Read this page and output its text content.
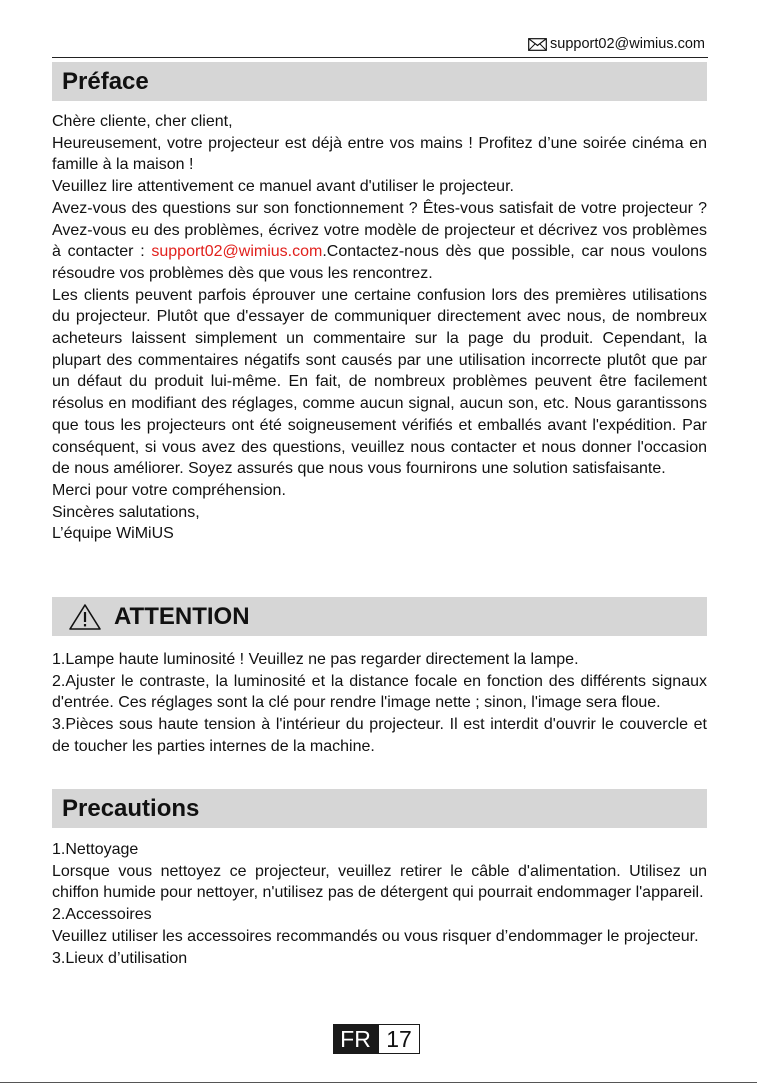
support02@wimius.com
Préface

Chère cliente, cher client,

Heureusement, votre projecteur est déjà entre vos mains ! Profitez d’une soirée cinéma en famille à la maison !

Veuillez lire attentivement ce manuel avant d'utiliser le projecteur.

Avez-vous des questions sur son fonctionnement ? Êtes-vous satisfait de votre projecteur ? Avez-vous eu des problèmes, écrivez votre modèle de projecteur et décrivez vos problèmes à contacter : support02@wimius.com.Contactez-nous dès que possible, car nous voulons résoudre vos problèmes dès que vous les rencontrez.

Les clients peuvent parfois éprouver une certaine confusion lors des premières utilisations du projecteur. Plutôt que d'essayer de communiquer directement avec nous, de nombreux acheteurs laissent simplement un commentaire sur la page du produit. Cependant, la plupart des commentaires négatifs sont causés par une utilisation incorrecte plutôt que par un défaut du produit lui-même. En fait, de nombreux problèmes peuvent être facilement résolus en modifiant des réglages, comme aucun signal, aucun son, etc. Nous garantissons que tous les projecteurs ont été soigneusement vérifiés et emballés avant l'expédition. Par conséquent, si vous avez des questions, veuillez nous contacter et nous donner l'occasion de nous améliorer. Soyez assurés que nous vous fournirons une solution satisfaisante.

Merci pour votre compréhension.

Sincères salutations,

L’équipe WiMiUS

ATTENTION

1.Lampe haute luminosité ! Veuillez ne pas regarder directement la lampe.

2.Ajuster le contraste, la luminosité et la distance focale en fonction des différents signaux d'entrée. Ces réglages sont la clé pour rendre l'image nette ; sinon, l'image sera floue.

3.Pièces sous haute tension à l'intérieur du projecteur. Il est interdit d'ouvrir le couvercle et de toucher les parties internes de la machine.

Precautions

1.Nettoyage

Lorsque vous nettoyez ce projecteur, veuillez retirer le câble d'alimentation. Utilisez un chiffon humide pour nettoyer, n'utilisez pas de détergent qui pourrait endommager l'appareil.

2.Accessoires

Veuillez utiliser les accessoires recommandés ou vous risquer d’endommager le projecteur.

3.Lieux d’utilisation

FR 17
